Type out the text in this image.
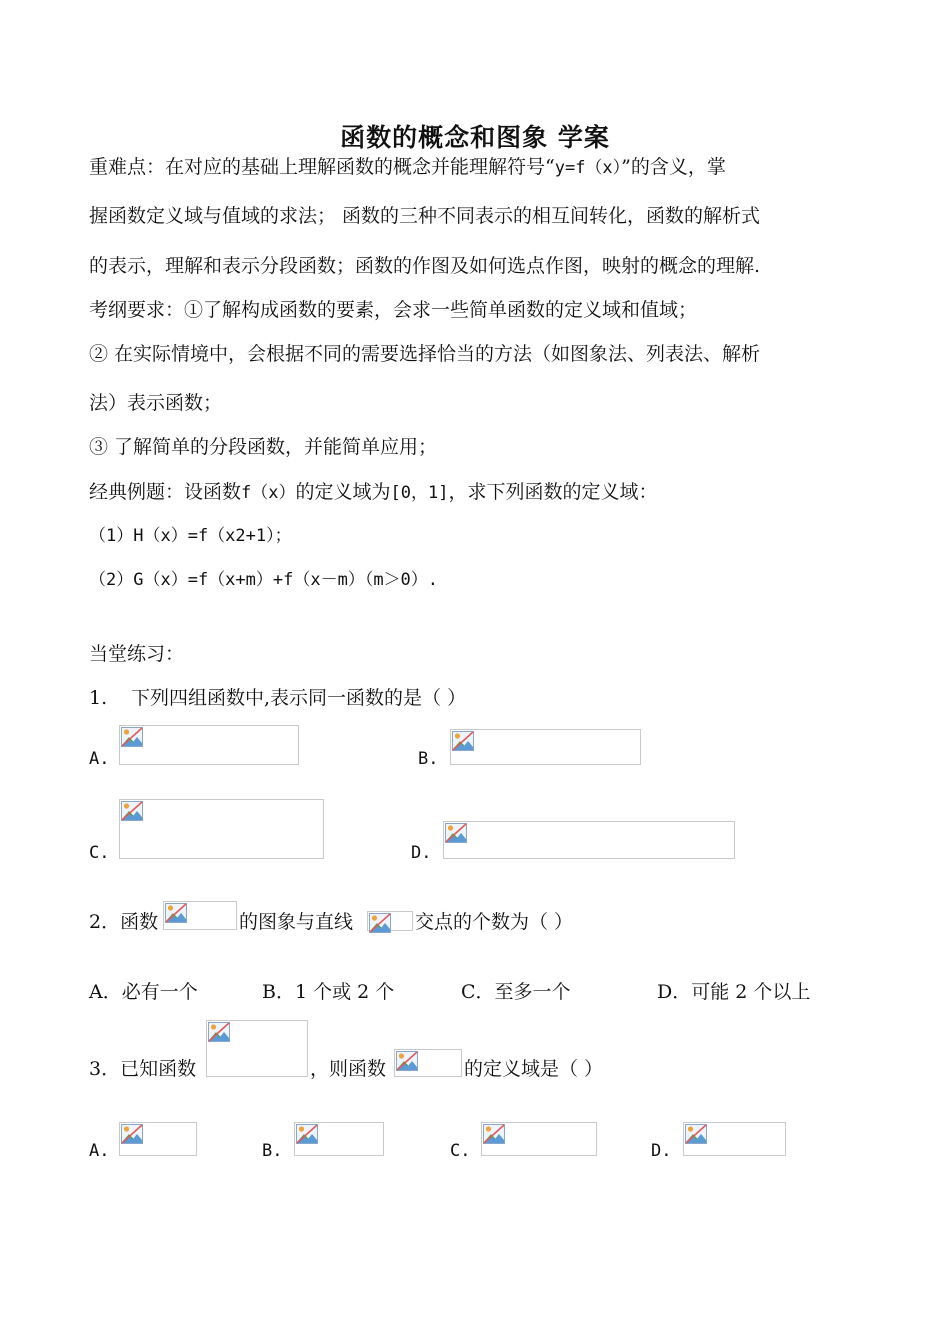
函数的概念和图象 学案
重难点：在对应的基础上理解函数的概念并能理解符号“y=f（x）”的含义，掌
握函数定义域与值域的求法； 函数的三种不同表示的相互间转化，函数的解析式
的表示，理解和表示分段函数；函数的作图及如何选点作图，映射的概念的理解.
考纲要求：①了解构成函数的要素，会求一些简单函数的定义域和值域；
② 在实际情境中，会根据不同的需要选择恰当的方法（如图象法、列表法、解析
法）表示函数；
③ 了解简单的分段函数，并能简单应用；
经典例题：设函数f（x）的定义域为[0，1]，求下列函数的定义域：
（1）H（x）=f（x2+1）；
（2）G（x）=f（x+m）+f（x－m）（m＞0）.
当堂练习：
1. 下列四组函数中,表示同一函数的是（ ）
A.	B.
C.	D.
2．函数	的图象与直线	交点的个数为（ ）
A．必有一个	B．1 个或 2 个	C．至多一个	D．可能 2 个以上
3．已知函数	，则函数	的定义域是（ ）
A.	B.	C.	D.
